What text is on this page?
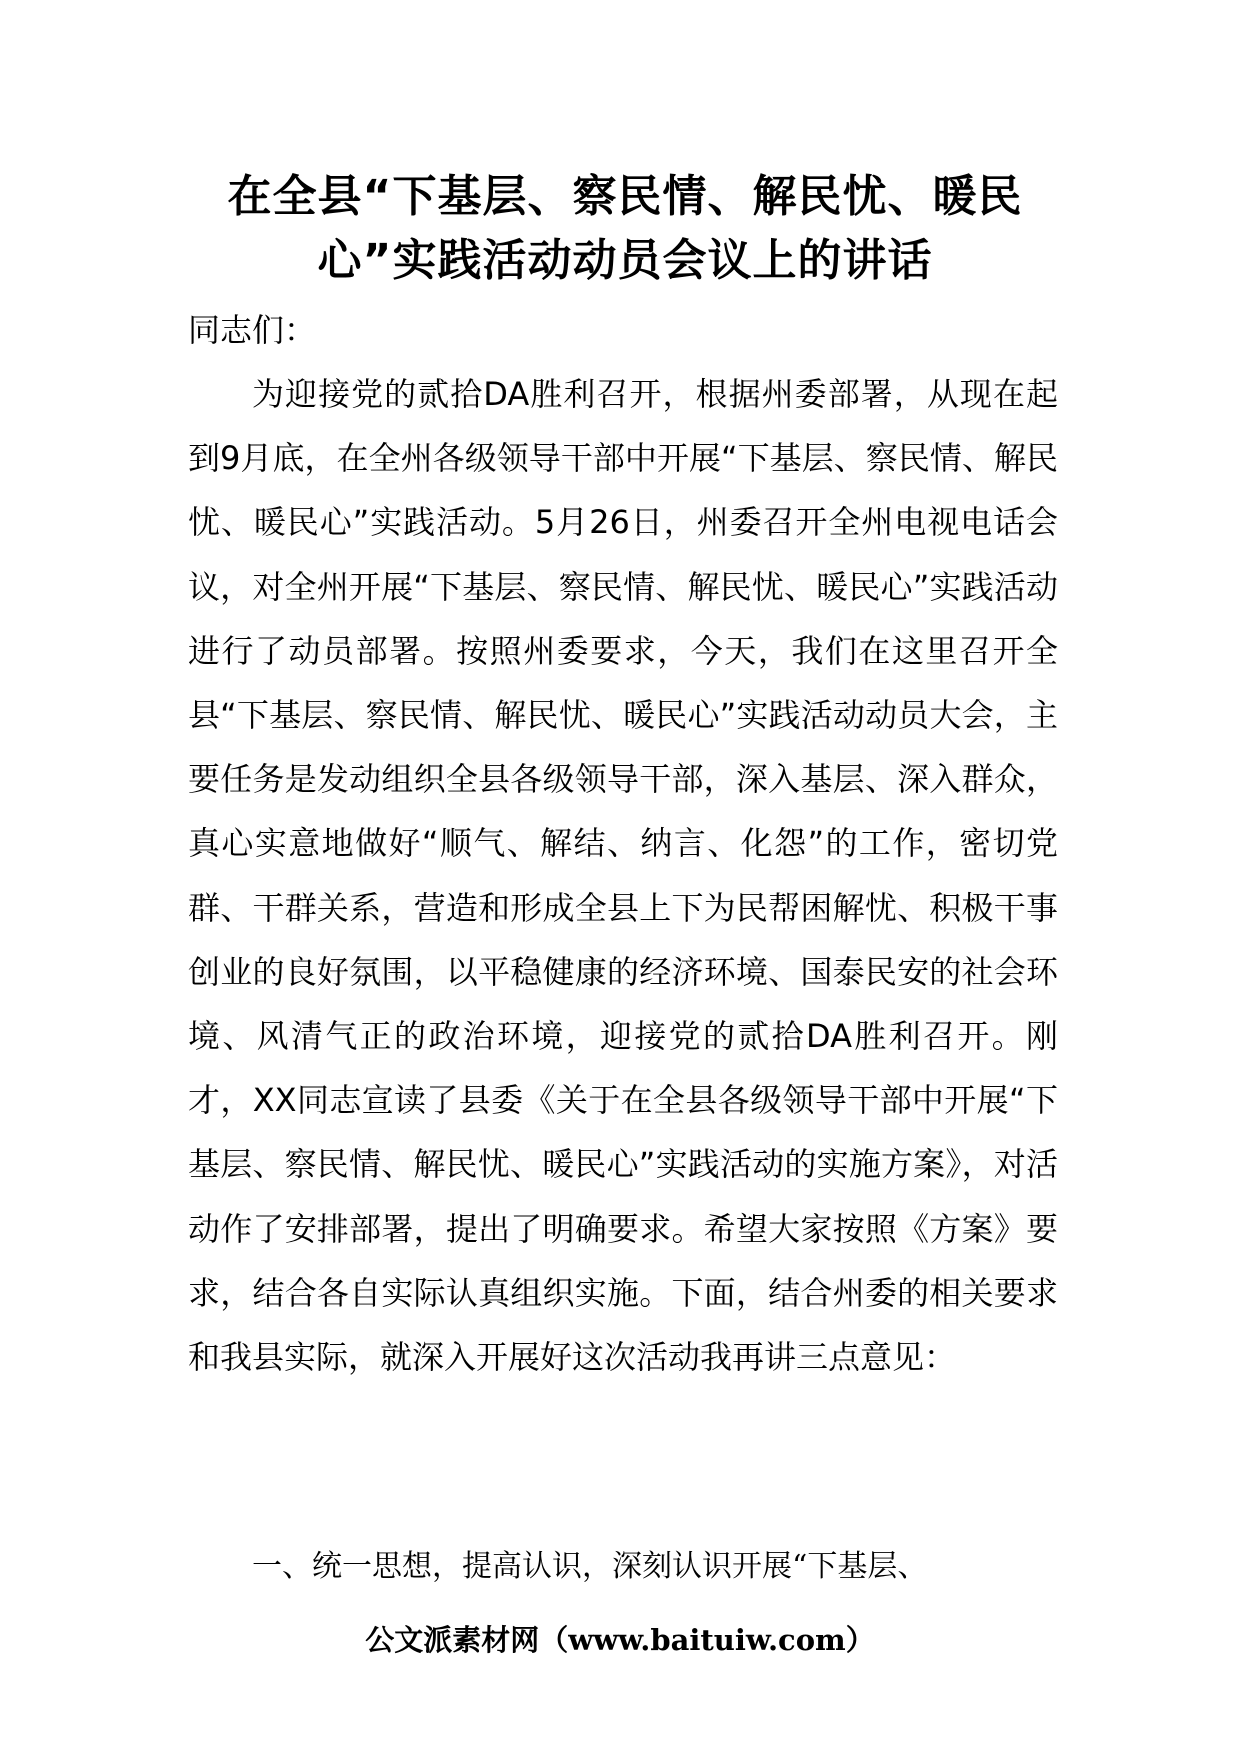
在全县“下基层、察民情、解民忧、暖民
心”实践活动动员会议上的讲话

同志们：

为迎接党的贰拾DA胜利召开，根据州委部署，从现在起到9月底，在全州各级领导干部中开展“下基层、察民情、解民忧、暖民心”实践活动。5月26日，州委召开全州电视电话会议，对全州开展“下基层、察民情、解民忧、暖民心”实践活动进行了动员部署。按照州委要求，今天，我们在这里召开全县“下基层、察民情、解民忧、暖民心”实践活动动员大会，主要任务是发动组织全县各级领导干部，深入基层、深入群众，真心实意地做好“顺气、解结、纳言、化怨”的工作，密切党群、干群关系，营造和形成全县上下为民帮困解忧、积极干事创业的良好氛围，以平稳健康的经济环境、国泰民安的社会环境、风清气正的政治环境，迎接党的贰拾DA胜利召开。刚才，XX同志宣读了县委《关于在全县各级领导干部中开展“下基层、察民情、解民忧、暖民心”实践活动的实施方案》，对活动作了安排部署，提出了明确要求。希望大家按照《方案》要求，结合各自实际认真组织实施。下面，结合州委的相关要求和我县实际，就深入开展好这次活动我再讲三点意见：

一、统一思想，提高认识，深刻认识开展“下基层、

公文派素材网（www.baituiw.com）
